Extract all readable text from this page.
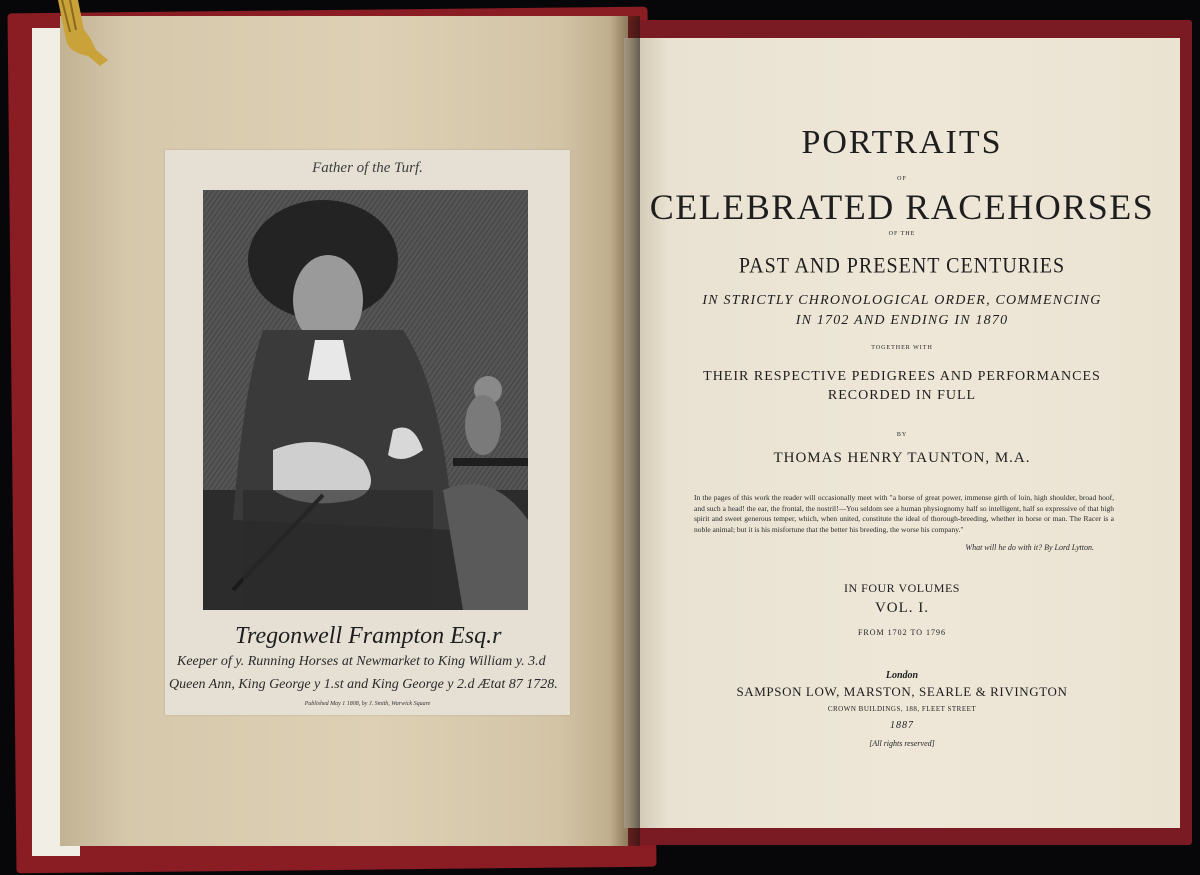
Father of the Turf.
Tregonwell Frampton Esq.r
Keeper of y. Running Horses at Newmarket to King William y. 3.d
Queen Ann, King George y 1.st and King George y 2.d Ætat 87 1728.
Published May 1 1808, by J. Smith, Warwick Square
PORTRAITS
OF
CELEBRATED RACEHORSES
OF THE
PAST AND PRESENT CENTURIES
IN STRICTLY CHRONOLOGICAL ORDER, COMMENCING
IN 1702 AND ENDING IN 1870
TOGETHER WITH
THEIR RESPECTIVE PEDIGREES AND PERFORMANCES
RECORDED IN FULL
BY
THOMAS HENRY TAUNTON, M.A.
In the pages of this work the reader will occasionally meet with "a horse of great power, immense girth of loin, high shoulder, broad hoof, and such a head! the ear, the frontal, the nostril!—You seldom see a human physiognomy half so intelligent, half so expressive of that high spirit and sweet generous temper, which, when united, constitute the ideal of thorough-breeding, whether in horse or man. The Racer is a noble animal; but it is his misfortune that the better his breeding, the worse his company."
What will he do with it? By Lord Lytton.
IN FOUR VOLUMES
VOL. I.
FROM 1702 TO 1796
London
SAMPSON LOW, MARSTON, SEARLE & RIVINGTON
CROWN BUILDINGS, 188, FLEET STREET
1887
[All rights reserved]
